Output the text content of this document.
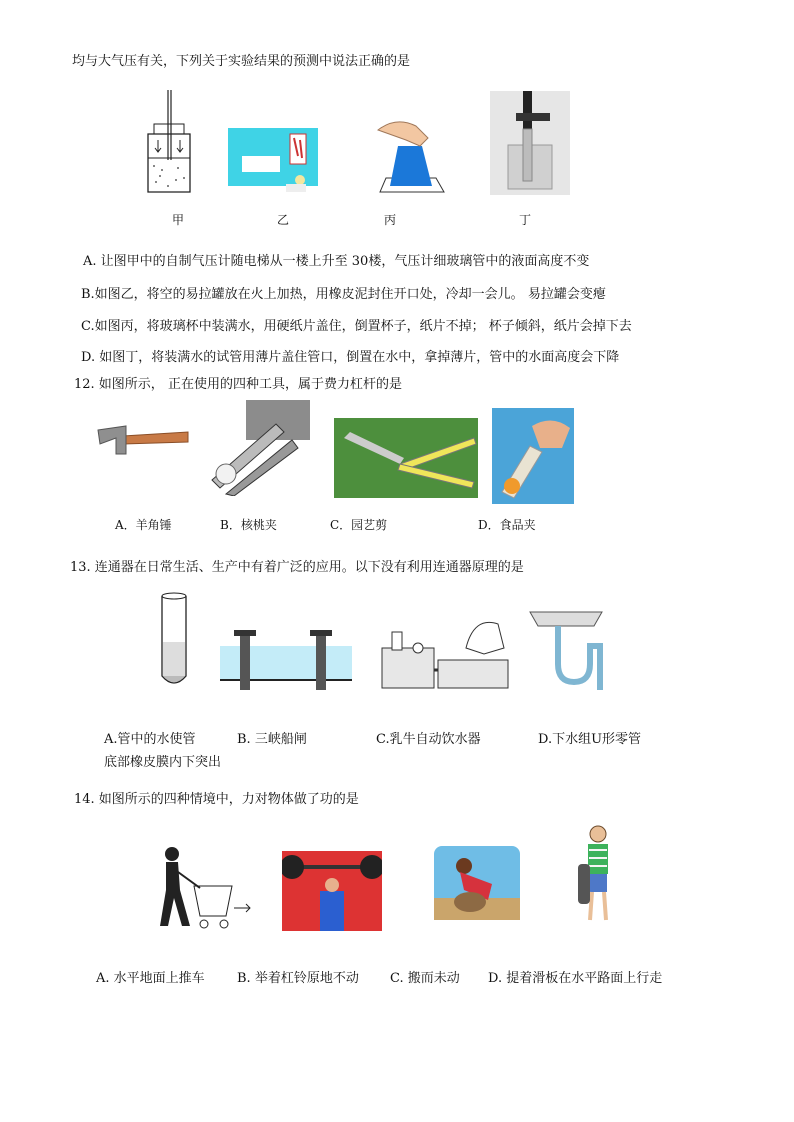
均与大气压有关，下列关于实验结果的预测中说法正确的是
甲	乙	丙	丁
A. 让图甲中的自制气压计随电梯从一楼上升至 30楼，气压计细玻璃管中的液面高度不变
B.如图乙，将空的易拉罐放在火上加热，用橡皮泥封住开口处，冷却一会儿。 易拉罐会变瘪
C.如图丙，将玻璃杯中装满水，用硬纸片盖住，倒置杯子，纸片不掉； 杯子倾斜，纸片会掉下去
D. 如图丁，将装满水的试管用薄片盖住管口，倒置在水中，拿掉薄片，管中的水面高度会下降
12. 如图所示， 正在使用的四种工具，属于费力杠杆的是
A．羊角锤	B．核桃夹	C．园艺剪	D．食品夹
13. 连通器在日常生活、生产中有着广泛的应用。以下没有利用连通器原理的是
A.管中的水使管	B. 三峡船闸	C.乳牛自动饮水器	D.下水组U形零管
底部橡皮膜内下突出
14. 如图所示的四种情境中，力对物体做了功的是
A. 水平地面上推车 B. 举着杠铃原地不动 C. 搬而未动 D. 提着滑板在水平路面上行走
